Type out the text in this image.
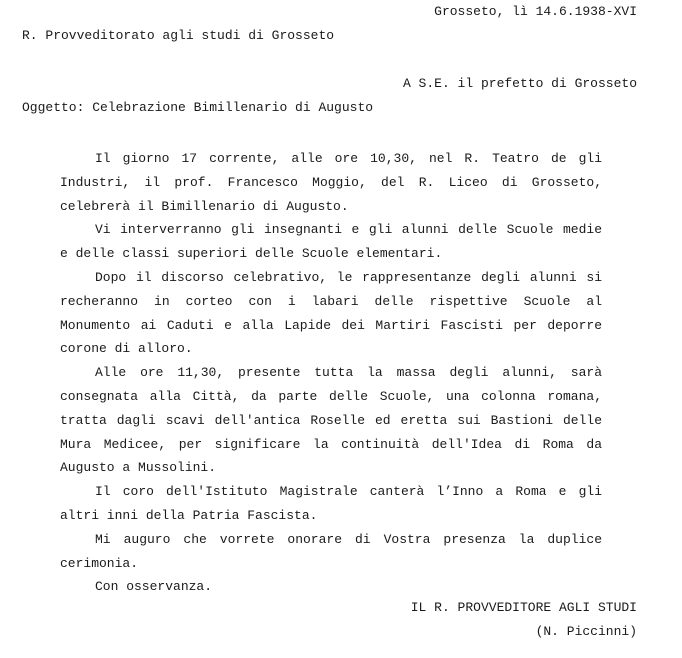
Grosseto, lì 14.6.1938-XVI
R. Provveditorato agli studi di Grosseto
A S.E. il prefetto di Grosseto
Oggetto: Celebrazione Bimillenario di Augusto

Il giorno 17 corrente, alle ore 10,30, nel R. Teatro de gli Industri, il prof. Francesco Moggio, del R. Liceo di Grosseto, celebrerà il Bimillenario di Augusto.

Vi interverranno gli insegnanti e gli alunni delle Scuole medie e delle classi superiori delle Scuole elementari.

Dopo il discorso celebrativo, le rappresentanze degli alunni si recheranno in corteo con i labari delle rispettive Scuole al Monumento ai Caduti e alla Lapide dei Martiri Fascisti per deporre corone di alloro.

Alle ore 11,30, presente tutta la massa degli alunni, sarà consegnata alla Città, da parte delle Scuole, una colonna romana, tratta dagli scavi dell'antica Roselle ed eretta sui Bastioni delle Mura Medicee, per significare la continuità dell'Idea di Roma da Augusto a Mussolini.

Il coro dell'Istituto Magistrale canterà l’Inno a Roma e gli altri inni della Patria Fascista.

Mi auguro che vorrete onorare di Vostra presenza la duplice cerimonia.

Con osservanza.

IL R. PROVVEDITORE AGLI STUDI
(N. Piccinni)
